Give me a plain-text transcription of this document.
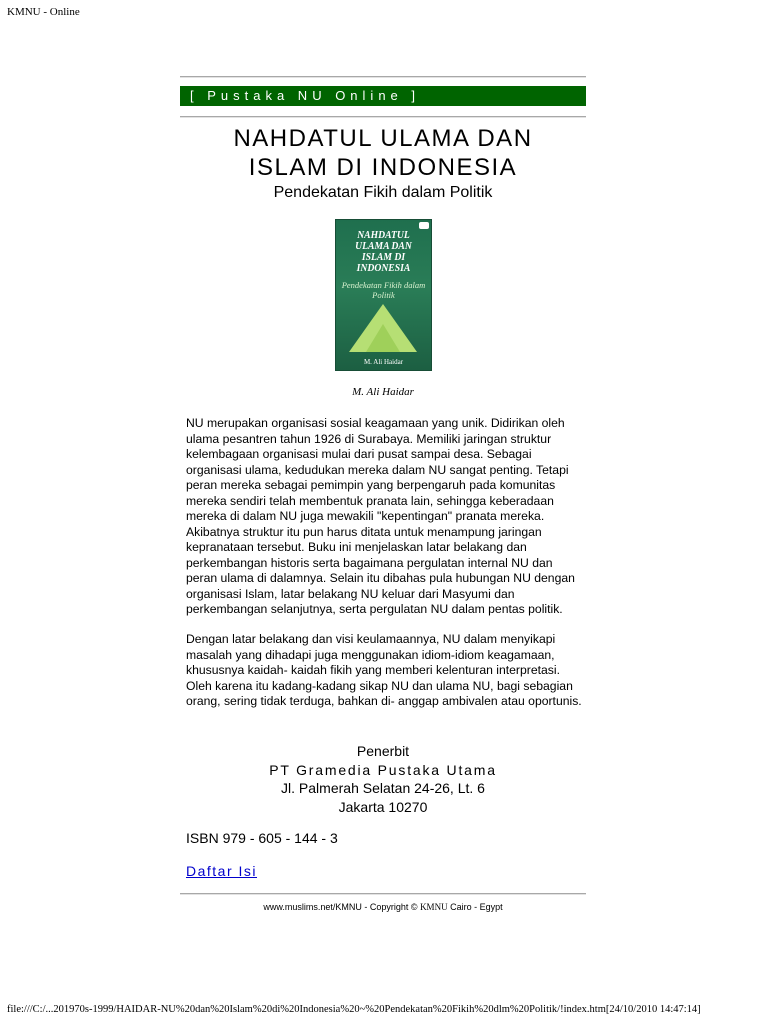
KMNU - Online
[ Pustaka NU Online ]
NAHDATUL ULAMA DAN
ISLAM DI INDONESIA
Pendekatan Fikih dalam Politik
NAHDATUL ULAMA DAN ISLAM DI INDONESIA
Pendekatan Fikih dalam Politik
M. Ali Haidar
M. Ali Haidar

NU merupakan organisasi sosial keagamaan yang unik. Didirikan oleh ulama pesantren tahun 1926 di Surabaya. Memiliki jaringan struktur kelembagaan organisasi mulai dari pusat sampai desa. Sebagai organisasi ulama, kedudukan mereka dalam NU sangat penting. Tetapi peran mereka sebagai pemimpin yang berpengaruh pada komunitas mereka sendiri telah membentuk pranata lain, sehingga keberadaan mereka di dalam NU juga mewakili "kepentingan" pranata mereka. Akibatnya struktur itu pun harus ditata untuk menampung jaringan kepranataan tersebut. Buku ini menjelaskan latar belakang dan perkembangan historis serta bagaimana pergulatan internal NU dan peran ulama di dalamnya. Selain itu dibahas pula hubungan NU dengan organisasi Islam, latar belakang NU keluar dari Masyumi dan perkembangan selanjutnya, serta pergulatan NU dalam pentas politik.

Dengan latar belakang dan visi keulamaannya, NU dalam menyikapi masalah yang dihadapi juga menggunakan idiom-idiom keagamaan, khususnya kaidah- kaidah fikih yang memberi kelenturan interpretasi. Oleh karena itu kadang-kadang sikap NU dan ulama NU, bagi sebagian orang, sering tidak terduga, bahkan di- anggap ambivalen atau oportunis.

Penerbit
PT Gramedia Pustaka Utama
Jl. Palmerah Selatan 24-26, Lt. 6
Jakarta 10270
ISBN 979 - 605 - 144 - 3
Daftar Isi
www.muslims.net/KMNU - Copyright © KMNU Cairo - Egypt
file:///C:/...201970s-1999/HAIDAR-NU%20dan%20Islam%20di%20Indonesia%20~%20Pendekatan%20Fikih%20dlm%20Politik/!index.htm[24/10/2010 14:47:14]
